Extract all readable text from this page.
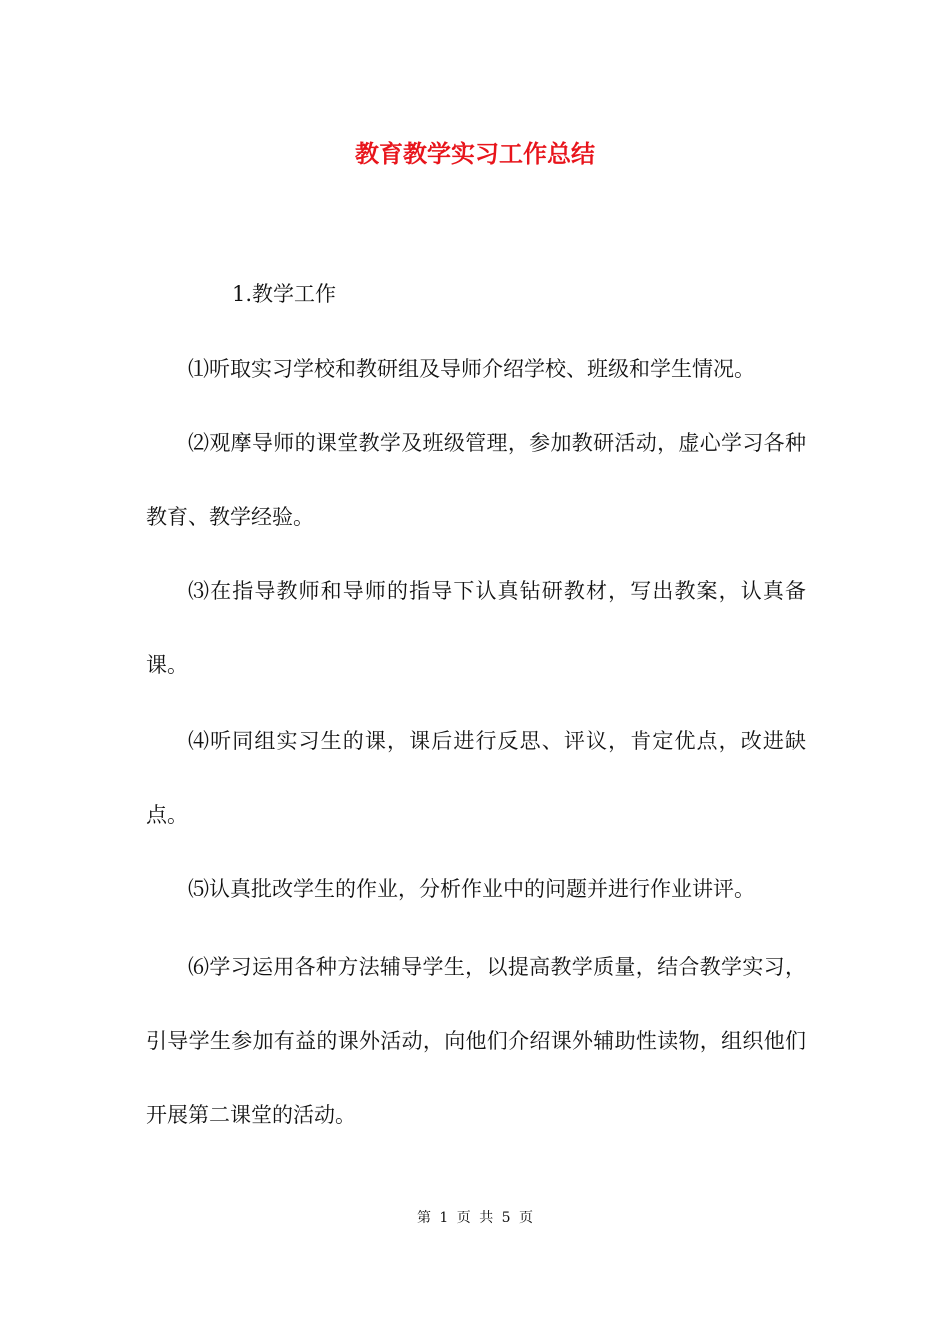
教育教学实习工作总结

1.教学工作

⑴听取实习学校和教研组及导师介绍学校、班级和学生情况。

⑵观摩导师的课堂教学及班级管理，参加教研活动，虚心学习各种教育、教学经验。

⑶在指导教师和导师的指导下认真钻研教材，写出教案，认真备课。

⑷听同组实习生的课，课后进行反思、评议，肯定优点，改进缺点。

⑸认真批改学生的作业，分析作业中的问题并进行作业讲评。

⑹学习运用各种方法辅导学生，以提高教学质量，结合教学实习，引导学生参加有益的课外活动，向他们介绍课外辅助性读物，组织他们开展第二课堂的活动。

第 1 页 共 5 页
